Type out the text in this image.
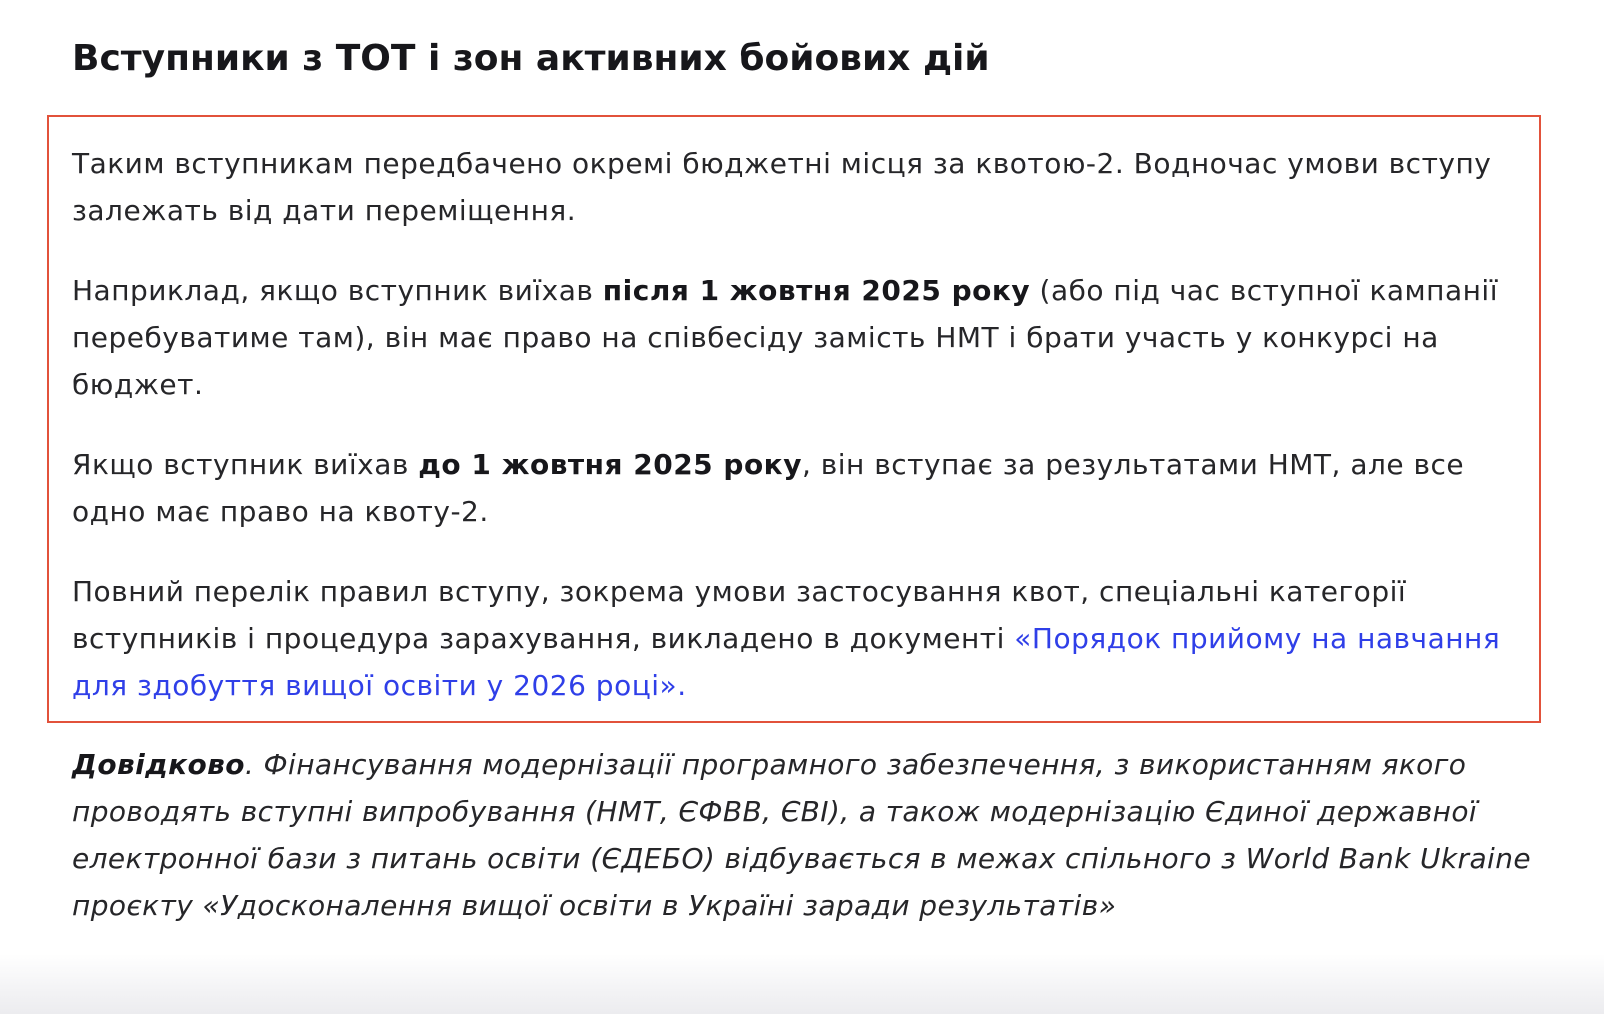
Вступники з ТОТ і зон активних бойових дій

Таким вступникам передбачено окремі бюджетні місця за квотою-2. Водночас умови вступу залежать від дати переміщення.

Наприклад, якщо вступник виїхав після 1 жовтня 2025 року (або під час вступної кампанії перебуватиме там), він має право на співбесіду замість НМТ і брати участь у конкурсі на бюджет.

Якщо вступник виїхав до 1 жовтня 2025 року, він вступає за результатами НМТ, але все одно має право на квоту-2.

Повний перелік правил вступу, зокрема умови застосування квот, спеціальні категорії вступників і процедура зарахування, викладено в документі «Порядок прийому на навчання для здобуття вищої освіти у 2026 році».

Довідково. Фінансування модернізації програмного забезпечення, з використанням якого проводять вступні випробування (НМТ, ЄФВВ, ЄВІ), а також модернізацію Єдиної державної електронної бази з питань освіти (ЄДЕБО) відбувається в межах спільного з World Bank Ukraine проєкту «Удосконалення вищої освіти в Україні заради результатів»
